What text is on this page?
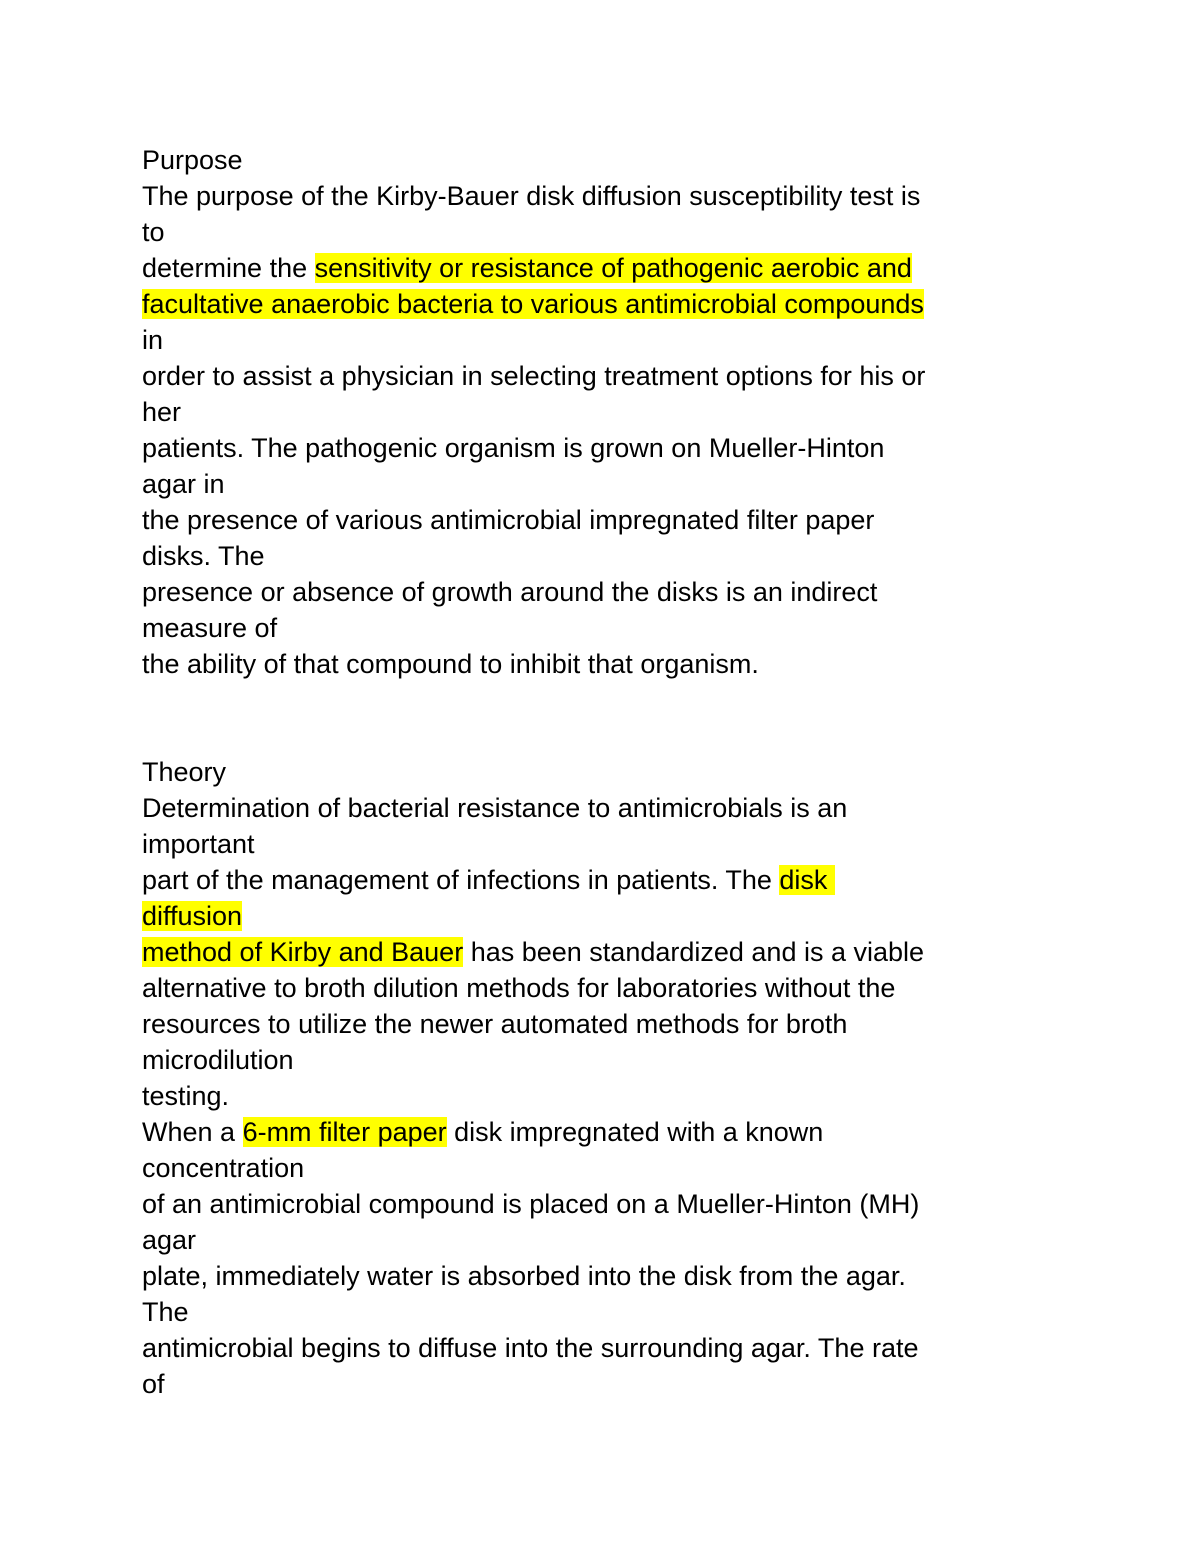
Purpose
The purpose of the Kirby-Bauer disk diffusion susceptibility test is
to
determine the sensitivity or resistance of pathogenic aerobic and
facultative anaerobic bacteria to various antimicrobial compounds
in
order to assist a physician in selecting treatment options for his or
her
patients. The pathogenic organism is grown on Mueller-Hinton
agar in
the presence of various antimicrobial impregnated filter paper
disks. The
presence or absence of growth around the disks is an indirect
measure of
the ability of that compound to inhibit that organism.
Theory
Determination of bacterial resistance to antimicrobials is an
important
part of the management of infections in patients. The disk
diffusion
method of Kirby and Bauer has been standardized and is a viable
alternative to broth dilution methods for laboratories without the
resources to utilize the newer automated methods for broth
microdilution
testing.
When a 6-mm filter paper disk impregnated with a known
concentration
of an antimicrobial compound is placed on a Mueller-Hinton (MH)
agar
plate, immediately water is absorbed into the disk from the agar.
The
antimicrobial begins to diffuse into the surrounding agar. The rate
of
